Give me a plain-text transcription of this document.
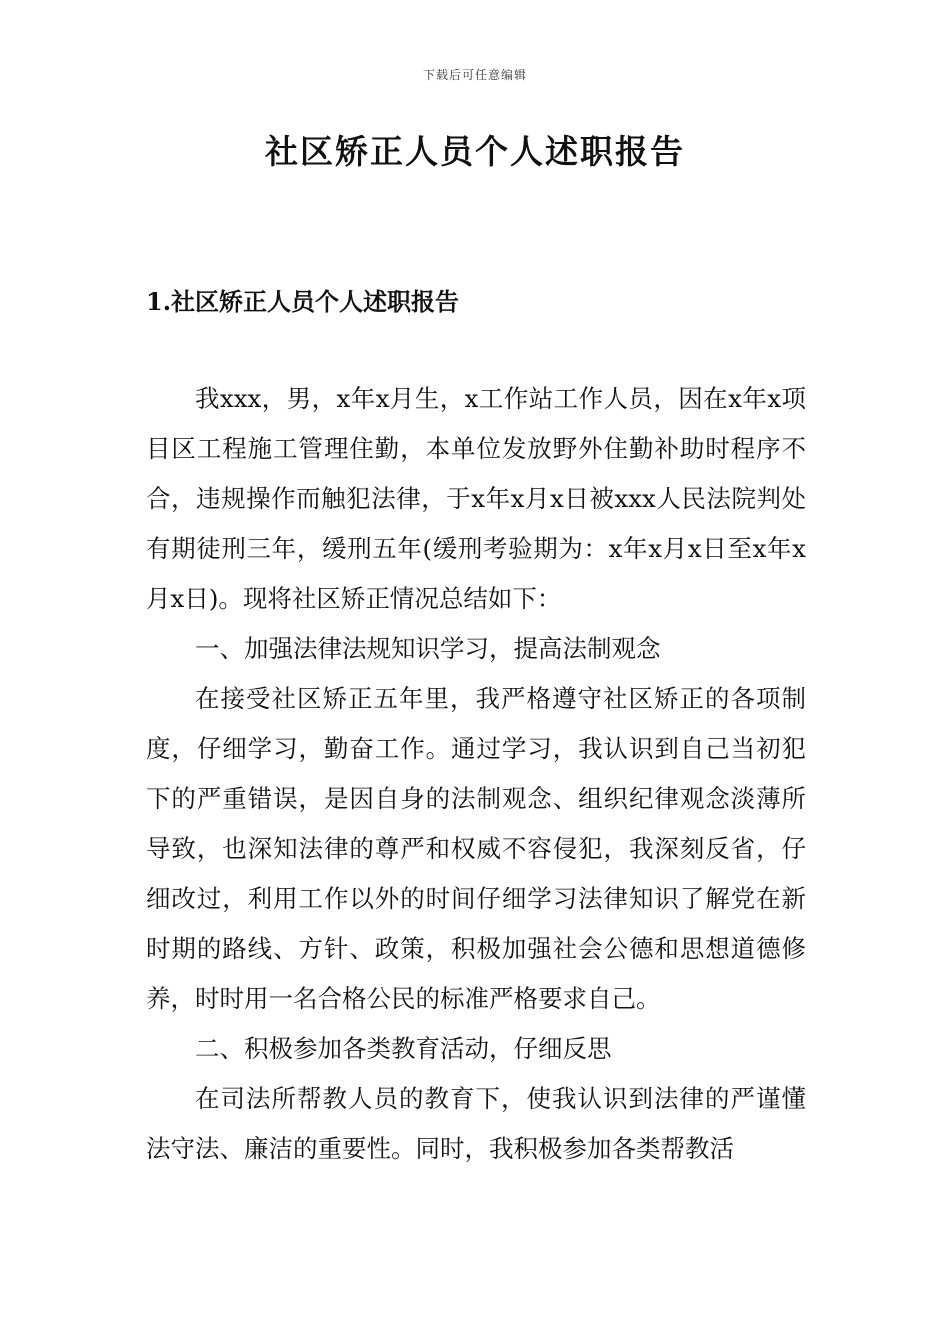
下载后可任意编辑
社区矫正人员个人述职报告
1.社区矫正人员个人述职报告

我xxx，男，x年x月生，x工作站工作人员，因在x年x项目区工程施工管理住勤，本单位发放野外住勤补助时程序不合，违规操作而触犯法律，于x年x月x日被xxx人民法院判处有期徒刑三年，缓刑五年(缓刑考验期为：x年x月x日至x年x月x日)。现将社区矫正情况总结如下：

一、加强法律法规知识学习，提高法制观念

在接受社区矫正五年里，我严格遵守社区矫正的各项制度，仔细学习，勤奋工作。通过学习，我认识到自己当初犯下的严重错误，是因自身的法制观念、组织纪律观念淡薄所导致，也深知法律的尊严和权威不容侵犯，我深刻反省，仔细改过，利用工作以外的时间仔细学习法律知识了解党在新时期的路线、方针、政策，积极加强社会公德和思想道德修养，时时用一名合格公民的标准严格要求自己。

二、积极参加各类教育活动，仔细反思

在司法所帮教人员的教育下，使我认识到法律的严谨懂法守法、廉洁的重要性。同时，我积极参加各类帮教活
